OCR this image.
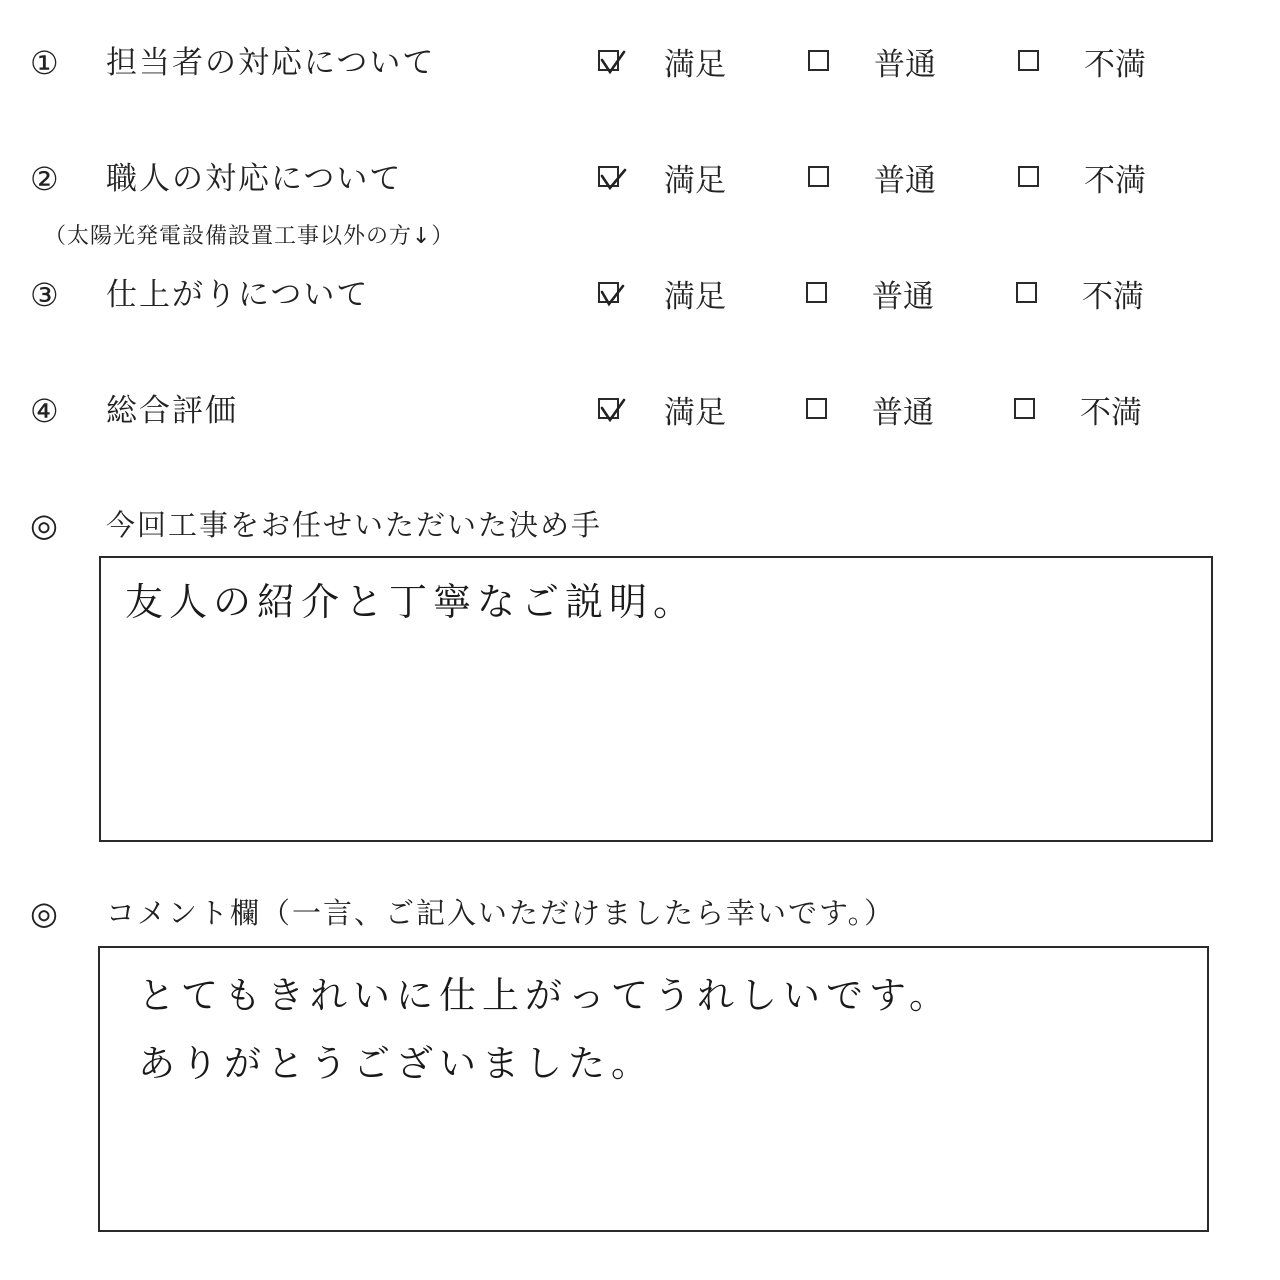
① 担当者の対応について	満足	普通	不満
② 職人の対応について	満足	普通	不満
（太陽光発電設備設置工事以外の方↓）
③ 仕上がりについて	満足	普通	不満
④ 総合評価	満足	普通	不満
◎ 今回工事をお任せいただいた決め手
友人の紹介と丁寧なご説明。
◎ コメント欄（一言、ご記入いただけましたら幸いです。）
とてもきれいに仕上がってうれしいです。
ありがとうございました。
